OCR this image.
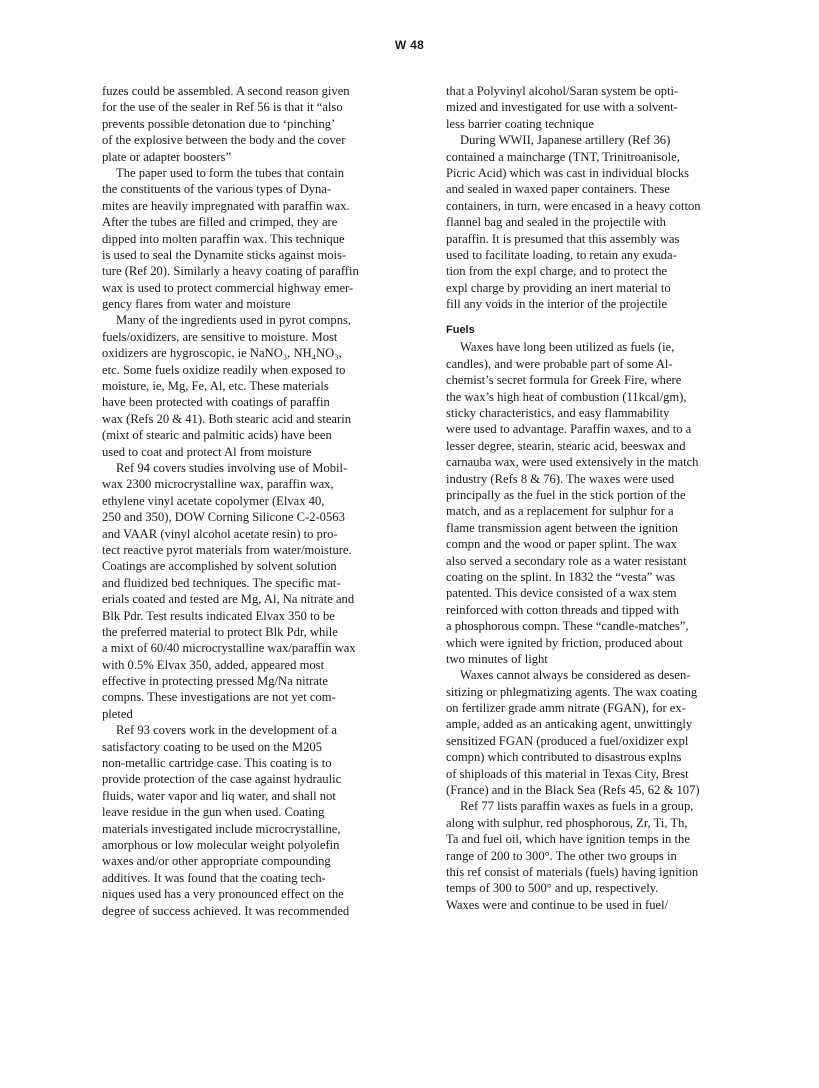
W 48
fuzes could be assembled. A second reason given
for the use of the sealer in Ref 56 is that it “also
prevents possible detonation due to ‘pinching’
of the explosive between the body and the cover
plate or adapter boosters”
The paper used to form the tubes that contain
the constituents of the various types of Dyna-
mites are heavily impregnated with paraffin wax.
After the tubes are filled and crimped, they are
dipped into molten paraffin wax. This technique
is used to seal the Dynamite sticks against mois-
ture (Ref 20). Similarly a heavy coating of paraffin
wax is used to protect commercial highway emer-
gency flares from water and moisture
Many of the ingredients used in pyrot compns,
fuels/oxidizers, are sensitive to moisture. Most
oxidizers are hygroscopic, ie NaNO₃, NH₄NO₃,
etc. Some fuels oxidize readily when exposed to
moisture, ie, Mg, Fe, Al, etc. These materials
have been protected with coatings of paraffin
wax (Refs 20 & 41). Both stearic acid and stearin
(mixt of stearic and palmitic acids) have been
used to coat and protect Al from moisture
Ref 94 covers studies involving use of Mobil-
wax 2300 microcrystalline wax, paraffin wax,
ethylene vinyl acetate copolymer (Elvax 40,
250 and 350), DOW Corning Silicone C-2-0563
and VAAR (vinyl alcohol acetate resin) to pro-
tect reactive pyrot materials from water/moisture.
Coatings are accomplished by solvent solution
and fluidized bed techniques. The specific mat-
erials coated and tested are Mg, Al, Na nitrate and
Blk Pdr. Test results indicated Elvax 350 to be
the preferred material to protect Blk Pdr, while
a mixt of 60/40 microcrystalline wax/paraffin wax
with 0.5% Elvax 350, added, appeared most
effective in protecting pressed Mg/Na nitrate
compns. These investigations are not yet com-
pleted
Ref 93 covers work in the development of a
satisfactory coating to be used on the M205
non-metallic cartridge case. This coating is to
provide protection of the case against hydraulic
fluids, water vapor and liq water, and shall not
leave residue in the gun when used. Coating
materials investigated include microcrystalline,
amorphous or low molecular weight polyolefin
waxes and/or other appropriate compounding
additives. It was found that the coating tech-
niques used has a very pronounced effect on the
degree of success achieved. It was recommended
that a Polyvinyl alcohol/Saran system be opti-
mized and investigated for use with a solvent-
less barrier coating technique
During WWII, Japanese artillery (Ref 36)
contained a maincharge (TNT, Trinitroanisole,
Picric Acid) which was cast in individual blocks
and sealed in waxed paper containers. These
containers, in turn, were encased in a heavy cotton
flannel bag and sealed in the projectile with
paraffin. It is presumed that this assembly was
used to facilitate loading, to retain any exuda-
tion from the expl charge, and to protect the
expl charge by providing an inert material to
fill any voids in the interior of the projectile
Fuels
Waxes have long been utilized as fuels (ie,
candles), and were probable part of some Al-
chemist’s secret formula for Greek Fire, where
the wax’s high heat of combustion (11kcal/gm),
sticky characteristics, and easy flammability
were used to advantage. Paraffin waxes, and to a
lesser degree, stearin, stearic acid, beeswax and
carnauba wax, were used extensively in the match
industry (Refs 8 & 76). The waxes were used
principally as the fuel in the stick portion of the
match, and as a replacement for sulphur for a
flame transmission agent between the ignition
compn and the wood or paper splint. The wax
also served a secondary role as a water resistant
coating on the splint. In 1832 the “vesta” was
patented. This device consisted of a wax stem
reinforced with cotton threads and tipped with
a phosphorous compn. These “candle-matches”,
which were ignited by friction, produced about
two minutes of light
Waxes cannot always be considered as desen-
sitizing or phlegmatizing agents. The wax coating
on fertilizer grade amm nitrate (FGAN), for ex-
ample, added as an anticaking agent, unwittingly
sensitized FGAN (produced a fuel/oxidizer expl
compn) which contributed to disastrous explns
of shiploads of this material in Texas City, Brest
(France) and in the Black Sea (Refs 45, 62 & 107)
Ref 77 lists paraffin waxes as fuels in a group,
along with sulphur, red phosphorous, Zr, Ti, Th,
Ta and fuel oil, which have ignition temps in the
range of 200 to 300°. The other two groups in
this ref consist of materials (fuels) having ignition
temps of 300 to 500° and up, respectively.
Waxes were and continue to be used in fuel/
